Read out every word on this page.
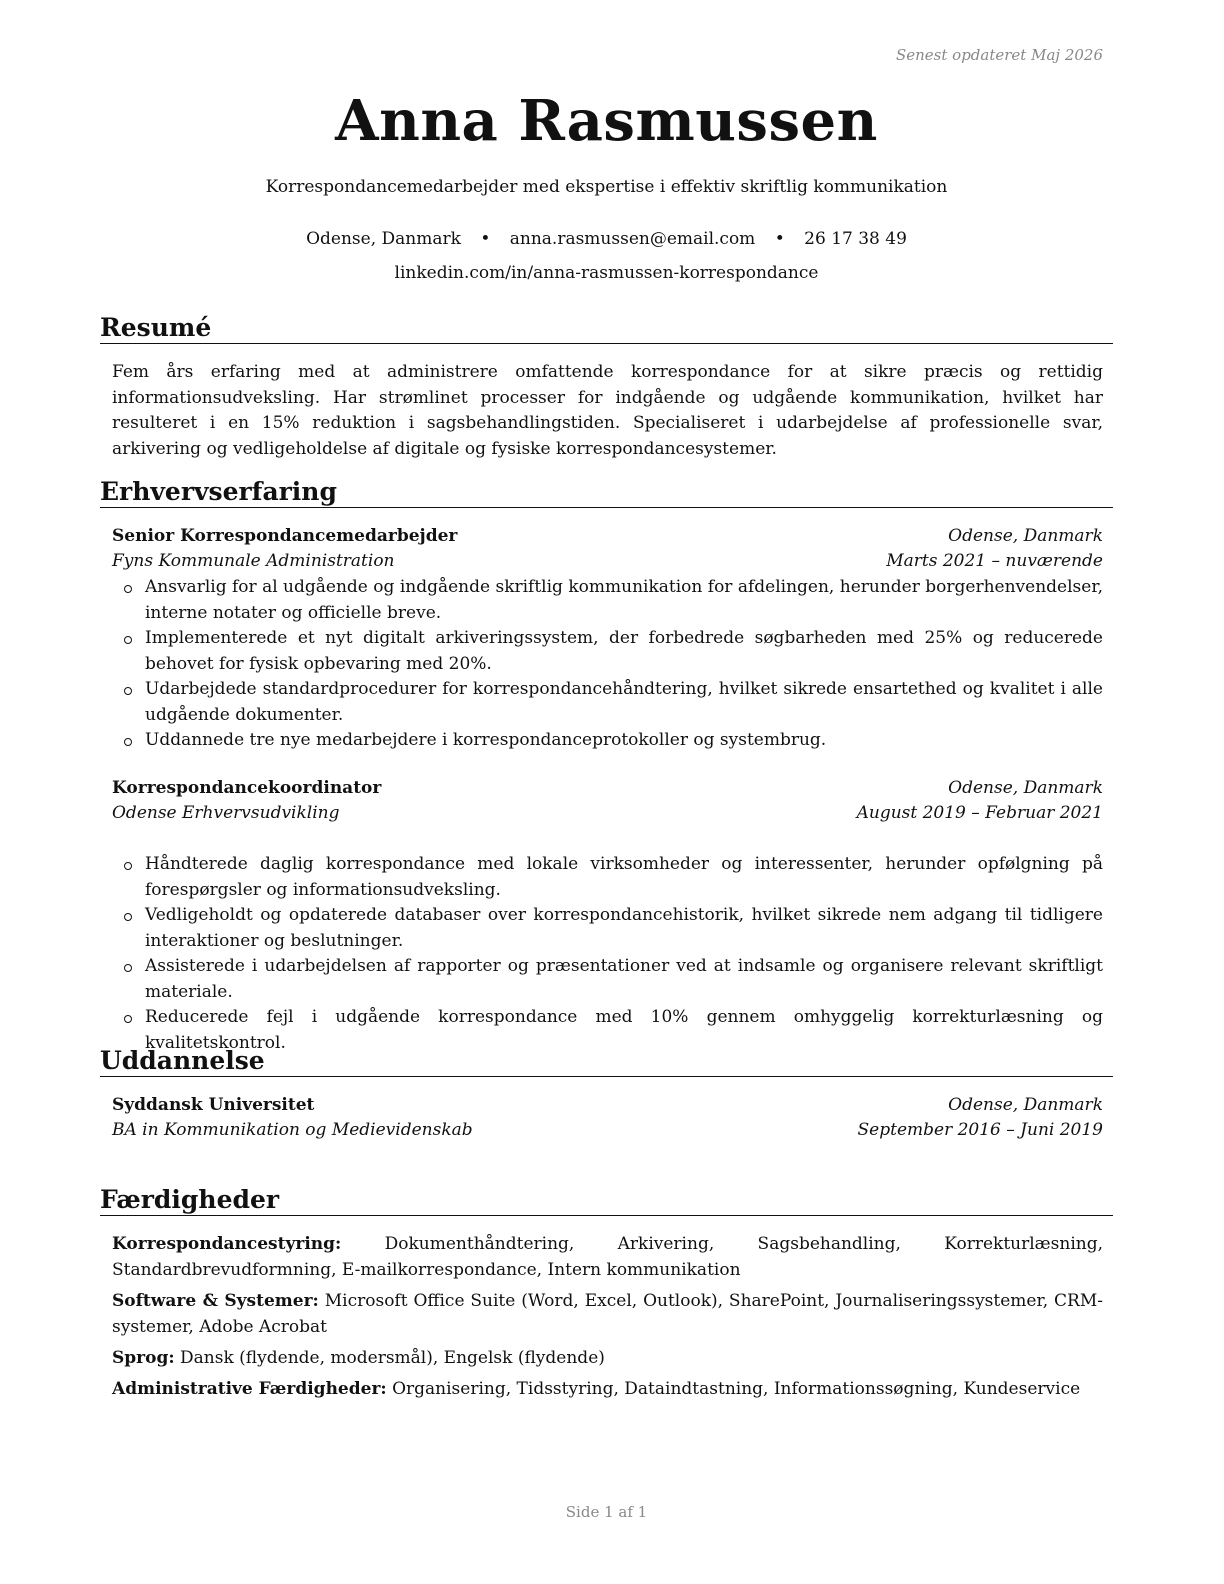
Senest opdateret Maj 2026
Anna Rasmussen
Korrespondancemedarbejder med ekspertise i effektiv skriftlig kommunikation
Odense, Danmark • anna.rasmussen@email.com • 26 17 38 49
linkedin.com/in/anna-rasmussen-korrespondance
Resumé
Fem års erfaring med at administrere omfattende korrespondance for at sikre præcis og rettidig informationsudveksling. Har strømlinet processer for indgående og udgående kommunikation, hvilket har resulteret i en 15% reduktion i sagsbehandlingstiden. Specialiseret i udarbejdelse af professionelle svar, arkivering og vedligeholdelse af digitale og fysiske korrespondancesystemer.
Erhvervserfaring
Senior Korrespondancemedarbejder	Odense, Danmark
Fyns Kommunale Administration	Marts 2021 – nuværende
Ansvarlig for al udgående og indgående skriftlig kommunikation for afdelingen, herunder borgerhenvendelser, interne notater og officielle breve.
Implementerede et nyt digitalt arkiveringssystem, der forbedrede søgbarheden med 25% og reducerede behovet for fysisk opbevaring med 20%.
Udarbejdede standardprocedurer for korrespondancehåndtering, hvilket sikrede ensartethed og kvalitet i alle udgående dokumenter.
Uddannede tre nye medarbejdere i korrespondanceprotokoller og systembrug.
Korrespondancekoordinator	Odense, Danmark
Odense Erhvervsudvikling	August 2019 – Februar 2021
Håndterede daglig korrespondance med lokale virksomheder og interessenter, herunder opfølgning på forespørgsler og informationsudveksling.
Vedligeholdt og opdaterede databaser over korrespondancehistorik, hvilket sikrede nem adgang til tidligere interaktioner og beslutninger.
Assisterede i udarbejdelsen af rapporter og præsentationer ved at indsamle og organisere relevant skriftligt materiale.
Reducerede fejl i udgående korrespondance med 10% gennem omhyggelig korrekturlæsning og kvalitetskontrol.
Uddannelse
Syddansk Universitet	Odense, Danmark
BA in Kommunikation og Medievidenskab	September 2016 – Juni 2019
Færdigheder
Korrespondancestyring:	Dokumenthåndtering, Arkivering, Sagsbehandling, Korrekturlæsning, Standardbrevudformning, E-mailkorrespondance, Intern kommunikation
Software & Systemer: Microsoft Office Suite (Word, Excel, Outlook), SharePoint, Journaliseringssystemer, CRM-systemer, Adobe Acrobat
Sprog: Dansk (flydende, modersmål), Engelsk (flydende)
Administrative Færdigheder: Organisering, Tidsstyring, Dataindtastning, Informationssøgning, Kundeservice
Side 1 af 1
